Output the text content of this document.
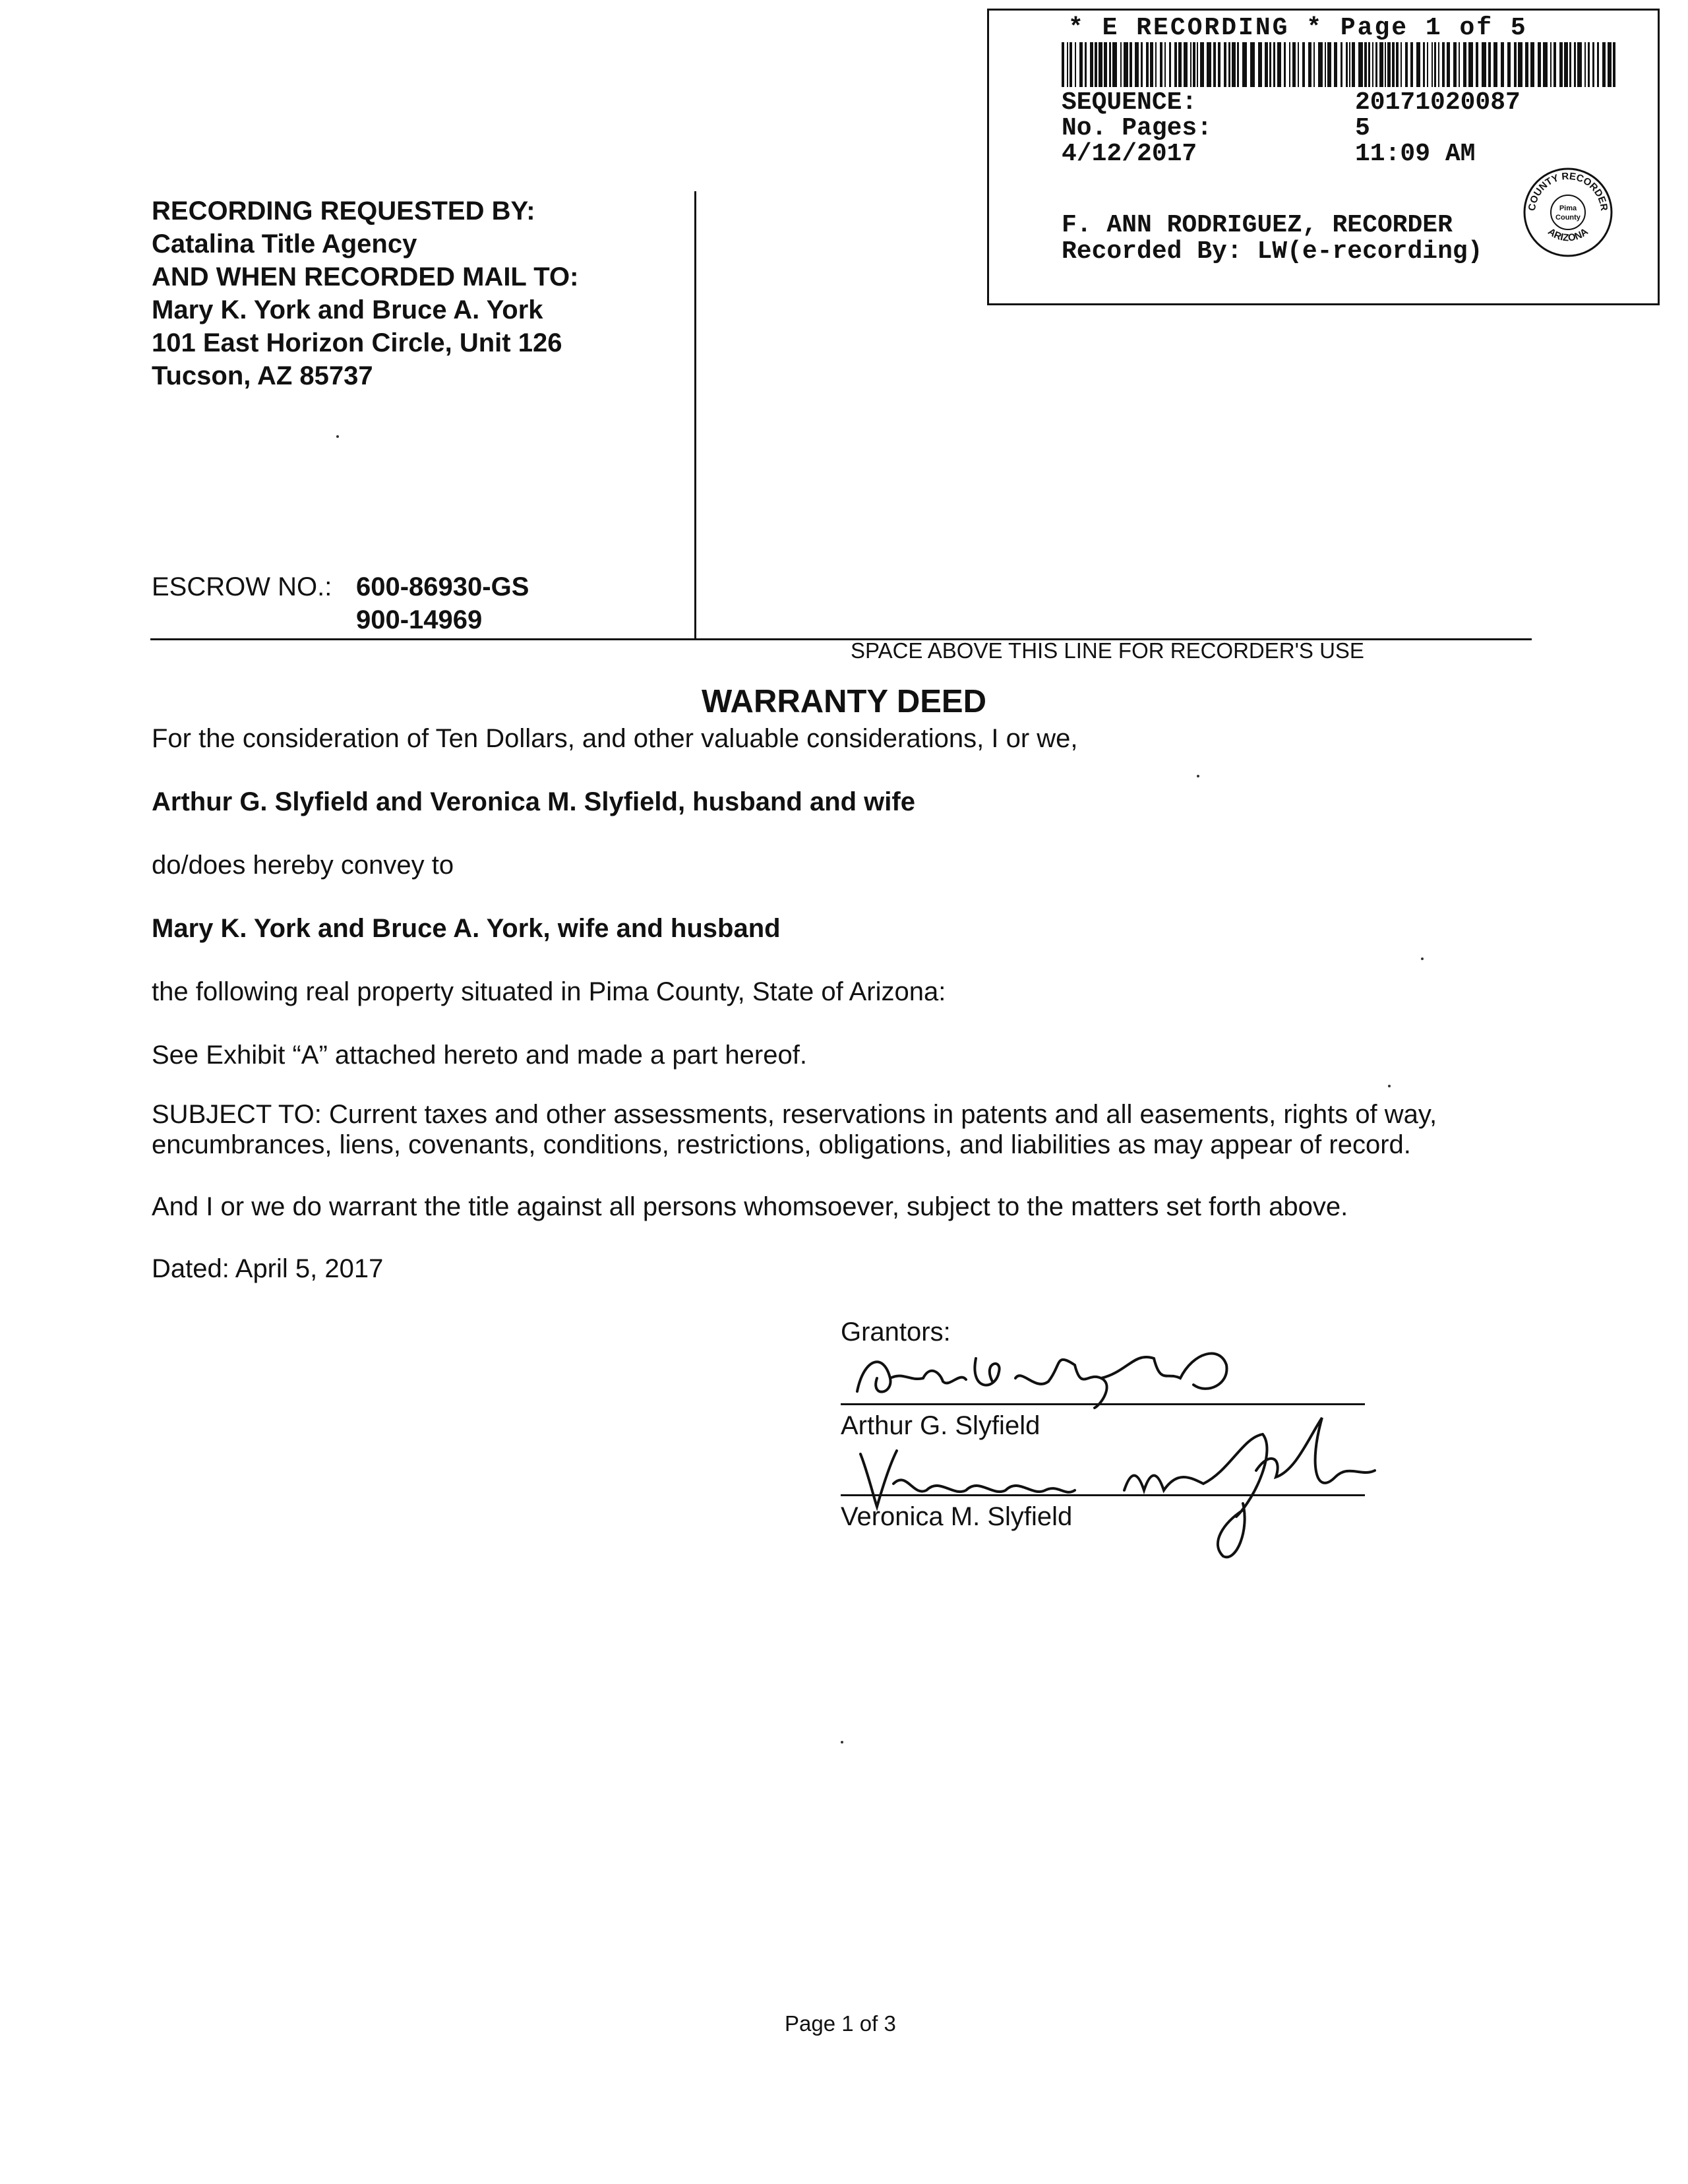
* E RECORDING * Page 1 of 5
SEQUENCE:	20171020087
No. Pages:	5
4/12/2017	11:09 AM
F. ANN RODRIGUEZ, RECORDER
Recorded By: LW(e-recording)
COUNTY RECORDER
ARIZONA
Pima
County
RECORDING REQUESTED BY:
Catalina Title Agency
AND WHEN RECORDED MAIL TO:
Mary K. York and Bruce A. York
101 East Horizon Circle, Unit 126
Tucson, AZ 85737
ESCROW NO.: 600-86930-GS
900-14969
SPACE ABOVE THIS LINE FOR RECORDER'S USE
WARRANTY DEED
For the consideration of Ten Dollars, and other valuable considerations, I or we,
Arthur G. Slyfield and Veronica M. Slyfield, husband and wife
do/does hereby convey to
Mary K. York and Bruce A. York, wife and husband
the following real property situated in Pima County, State of Arizona:
See Exhibit “A” attached hereto and made a part hereof.
SUBJECT TO: Current taxes and other assessments, reservations in patents and all easements, rights of way,
encumbrances, liens, covenants, conditions, restrictions, obligations, and liabilities as may appear of record.
And I or we do warrant the title against all persons whomsoever, subject to the matters set forth above.
Dated: April 5, 2017
Grantors:
Arthur G. Slyfield
Veronica M. Slyfield
Page 1 of 3
